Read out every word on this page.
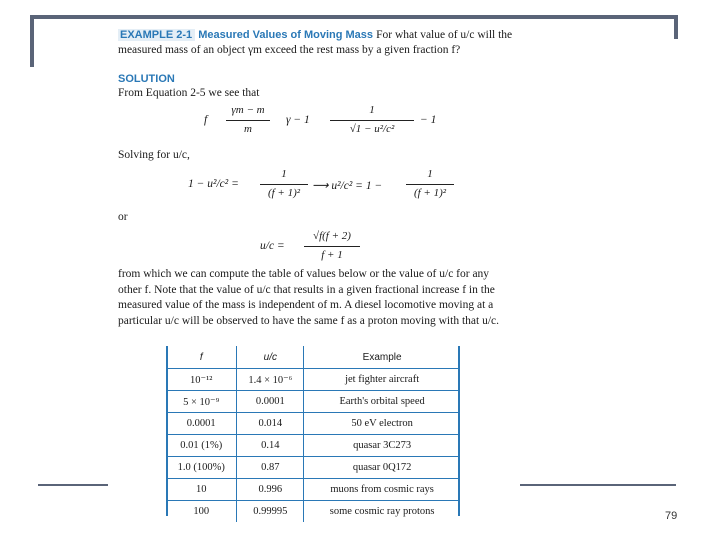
EXAMPLE 2-1 Measured Values of Moving Mass For what value of u/c will the measured mass of an object γm exceed the rest mass by a given fraction f?
SOLUTION
From Equation 2-5 we see that
f
γm − m
m
γ − 1
1
√1 − u²/c²
− 1
Solving for u/c,
1 − u²/c² =
1
(f + 1)²
⟶ u²/c² = 1 −
1
(f + 1)²
or
u/c =
√f(f + 2)
f + 1
from which we can compute the table of values below or the value of u/c for any other f. Note that the value of u/c that results in a given fractional increase f in the measured value of the mass is independent of m. A diesel locomotive moving at a particular u/c will be observed to have the same f as a proton moving with that u/c.
f	u/c	Example
10⁻¹²	1.4 × 10⁻⁶	jet fighter aircraft
5 × 10⁻⁹	0.0001	Earth's orbital speed
0.0001	0.014	50 eV electron
0.01 (1%)	0.14	quasar 3C273
1.0 (100%)	0.87	quasar 0Q172
10	0.996	muons from cosmic rays
100	0.99995	some cosmic ray protons	79
